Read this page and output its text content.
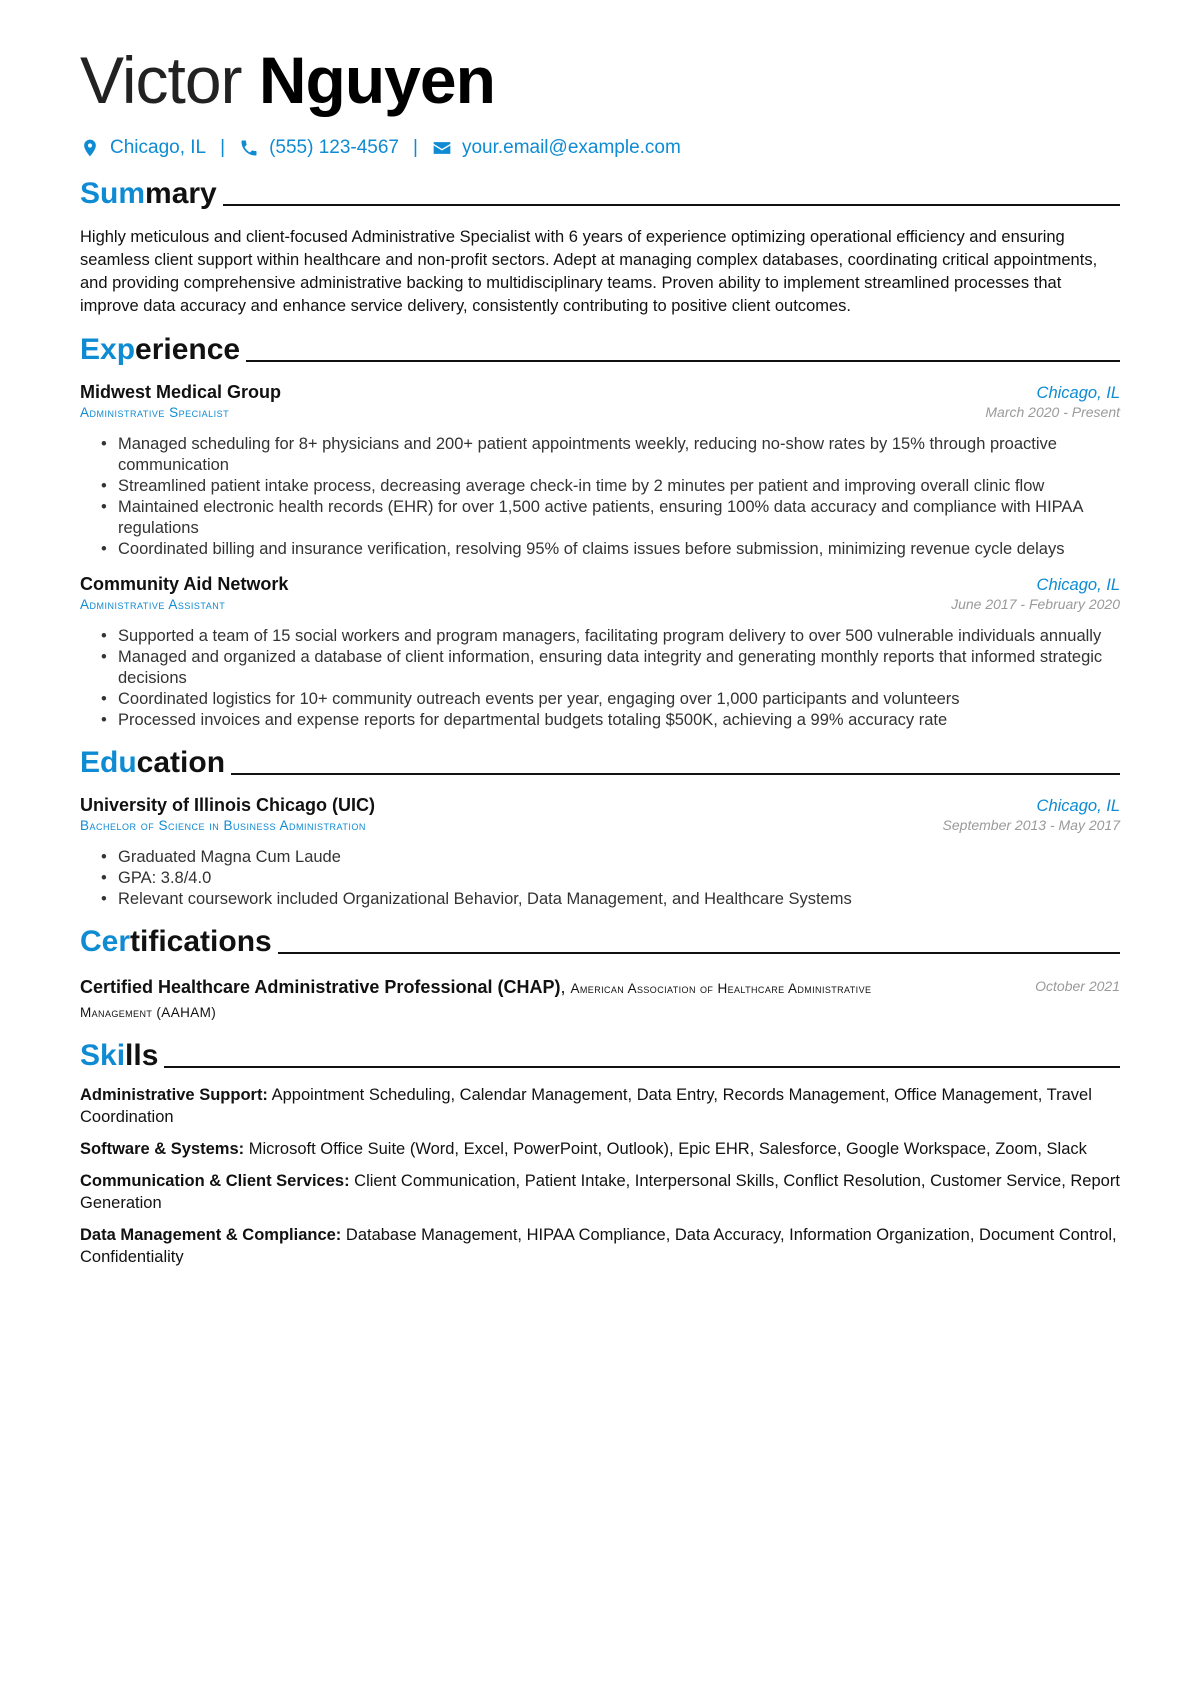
Victor Nguyen
Chicago, IL | (555) 123-4567 | your.email@example.com
Summary
Highly meticulous and client-focused Administrative Specialist with 6 years of experience optimizing operational efficiency and ensuring seamless client support within healthcare and non-profit sectors. Adept at managing complex databases, coordinating critical appointments, and providing comprehensive administrative backing to multidisciplinary teams. Proven ability to implement streamlined processes that improve data accuracy and enhance service delivery, consistently contributing to positive client outcomes.
Experience
Midwest Medical Group	Chicago, IL
Administrative Specialist	March 2020 - Present
• Managed scheduling for 8+ physicians and 200+ patient appointments weekly, reducing no-show rates by 15% through proactive communication
• Streamlined patient intake process, decreasing average check-in time by 2 minutes per patient and improving overall clinic flow
• Maintained electronic health records (EHR) for over 1,500 active patients, ensuring 100% data accuracy and compliance with HIPAA regulations
• Coordinated billing and insurance verification, resolving 95% of claims issues before submission, minimizing revenue cycle delays
Community Aid Network	Chicago, IL
Administrative Assistant	June 2017 - February 2020
• Supported a team of 15 social workers and program managers, facilitating program delivery to over 500 vulnerable individuals annually
• Managed and organized a database of client information, ensuring data integrity and generating monthly reports that informed strategic decisions
• Coordinated logistics for 10+ community outreach events per year, engaging over 1,000 participants and volunteers
• Processed invoices and expense reports for departmental budgets totaling $500K, achieving a 99% accuracy rate
Education
University of Illinois Chicago (UIC)	Chicago, IL
Bachelor of Science in Business Administration	September 2013 - May 2017
• Graduated Magna Cum Laude
• GPA: 3.8/4.0
• Relevant coursework included Organizational Behavior, Data Management, and Healthcare Systems
Certifications
Certified Healthcare Administrative Professional (CHAP), American Association of Healthcare Administrative Management (AAHAM)
October 2021
Skills
Administrative Support: Appointment Scheduling, Calendar Management, Data Entry, Records Management, Office Management, Travel Coordination
Software & Systems: Microsoft Office Suite (Word, Excel, PowerPoint, Outlook), Epic EHR, Salesforce, Google Workspace, Zoom, Slack
Communication & Client Services: Client Communication, Patient Intake, Interpersonal Skills, Conflict Resolution, Customer Service, Report Generation
Data Management & Compliance: Database Management, HIPAA Compliance, Data Accuracy, Information Organization, Document Control, Confidentiality
